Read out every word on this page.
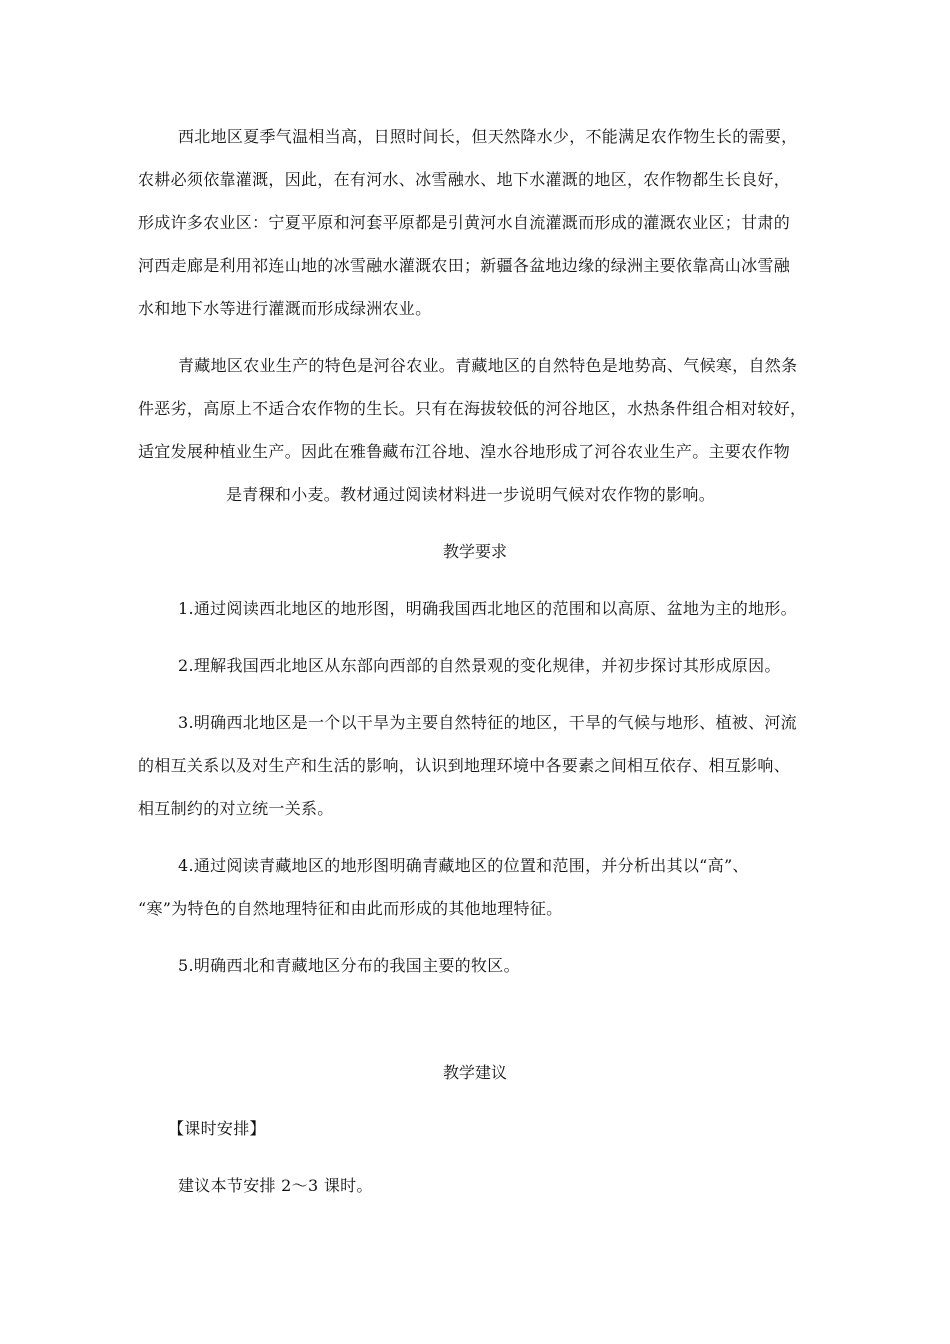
西北地区夏季气温相当高，日照时间长，但天然降水少，不能满足农作物生长的需要，
农耕必须依靠灌溉，因此，在有河水、冰雪融水、地下水灌溉的地区，农作物都生长良好，
形成许多农业区：宁夏平原和河套平原都是引黄河水自流灌溉而形成的灌溉农业区；甘肃的
河西走廊是利用祁连山地的冰雪融水灌溉农田；新疆各盆地边缘的绿洲主要依靠高山冰雪融
水和地下水等进行灌溉而形成绿洲农业。
青藏地区农业生产的特色是河谷农业。青藏地区的自然特色是地势高、气候寒，自然条
件恶劣，高原上不适合农作物的生长。只有在海拔较低的河谷地区，水热条件组合相对较好，
适宜发展种植业生产。因此在雅鲁藏布江谷地、湟水谷地形成了河谷农业生产。主要农作物
是青稞和小麦。教材通过阅读材料进一步说明气候对农作物的影响。
教学要求
1.通过阅读西北地区的地形图，明确我国西北地区的范围和以高原、盆地为主的地形。
2.理解我国西北地区从东部向西部的自然景观的变化规律，并初步探讨其形成原因。
3.明确西北地区是一个以干旱为主要自然特征的地区，干旱的气候与地形、植被、河流
的相互关系以及对生产和生活的影响，认识到地理环境中各要素之间相互依存、相互影响、
相互制约的对立统一关系。
4.通过阅读青藏地区的地形图明确青藏地区的位置和范围，并分析出其以“高”、
“寒”为特色的自然地理特征和由此而形成的其他地理特征。
5.明确西北和青藏地区分布的我国主要的牧区。
教学建议
【课时安排】
建议本节安排 2～3 课时。
